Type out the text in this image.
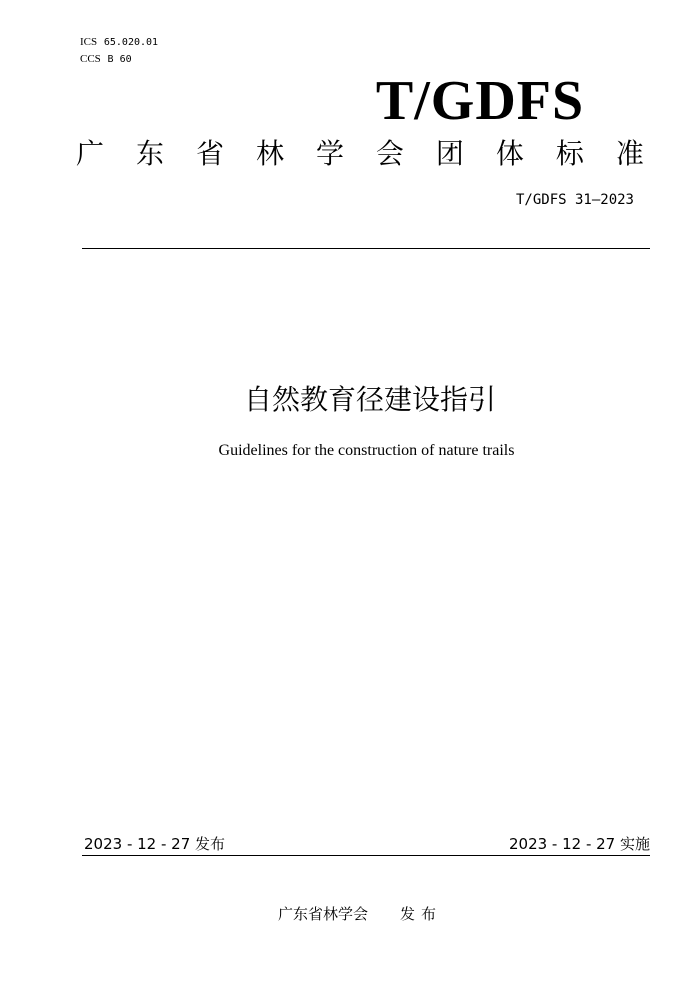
ICS 65.020.01
CCS B 60
T/GDFS
广 东 省 林 学 会 团 体 标 准
T/GDFS 31—2023
自然教育径建设指引
Guidelines for the construction of nature trails
2023 - 12 - 27 发布	2023 - 12 - 27 实施
广东省林学会 发布
